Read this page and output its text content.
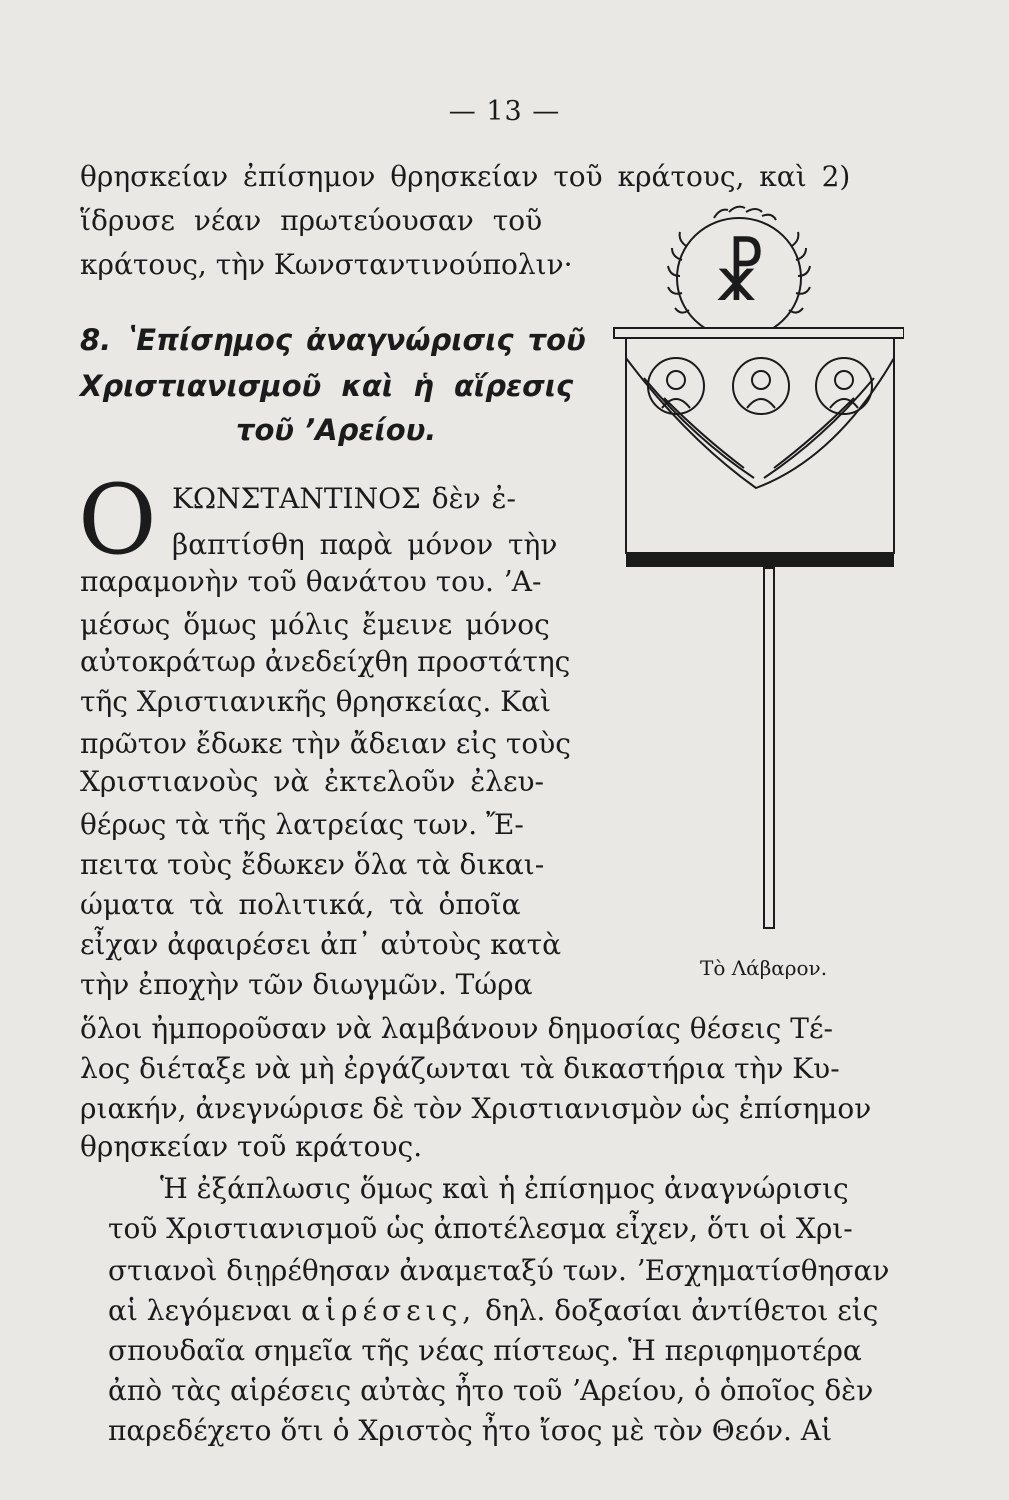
— 13 —
θρησκείαν ἐπίσημον θρησκείαν τοῦ κράτους, καὶ 2)
ἵδρυσε νέαν πρωτεύουσαν τοῦ
κράτους, τὴν Κωνσταντινούπολιν·
8. ʽΕπίσημος ἀναγνώρισις τοῦ
Χριστιανισμοῦ καὶ ἡ αἵρεσις
τοῦ ʼΑρείου.
Ο ΚΩΝΣΤΑΝΤΙΝΟΣ δὲν ἐ-
βαπτίσθη παρὰ μόνον τὴν
παραμονὴν τοῦ θανάτου του. ʼΑ-
μέσως ὅμως μόλις ἔμεινε μόνος
αὐτοκράτωρ ἀνεδείχθη προστάτης
τῆς Χριστιανικῆς θρησκείας. Καὶ
πρῶτον ἔδωκε τὴν ἄδειαν εἰς τοὺς
Χριστιανοὺς νὰ ἐκτελοῦν ἐλευ-
θέρως τὰ τῆς λατρείας των. Ἔ-
πειτα τοὺς ἔδωκεν ὅλα τὰ δικαι-
ώματα τὰ πολιτικά, τὰ ὁποῖα
εἶχαν ἀφαιρέσει ἀπ᾽ αὐτοὺς κατὰ
τὴν ἐποχὴν τῶν διωγμῶν. Τώρα
ὅλοι ἠμποροῦσαν νὰ λαμβάνουν δημοσίας θέσεις Τέ-
λος διέταξε νὰ μὴ ἐργάζωνται τὰ δικαστήρια τὴν Κυ-
ριακήν, ἀνεγνώρισε δὲ τὸν Χριστιανισμὸν ὡς ἐπίσημον
θρησκείαν τοῦ κράτους.
Ἡ ἐξάπλωσις ὅμως καὶ ἡ ἐπίσημος ἀναγνώρισις
τοῦ Χριστιανισμοῦ ὡς ἀποτέλεσμα εἶχεν, ὅτι οἱ Χρι-
στιανοὶ διῃρέθησαν ἀναμεταξύ των. ʼΕσχηματίσθησαν
αἱ λεγόμεναι αἱρέσεις, δηλ. δοξασίαι ἀντίθετοι εἰς
σπουδαῖα σημεῖα τῆς νέας πίστεως. Ἡ περιφημοτέρα
ἀπὸ τὰς αἱρέσεις αὐτὰς ἦτο τοῦ ʼΑρείου, ὁ ὁποῖος δὲν
παρεδέχετο ὅτι ὁ Χριστὸς ἦτο ἴσος μὲ τὸν Θεόν. Αἱ
☧
Τὸ Λάβαρον.
